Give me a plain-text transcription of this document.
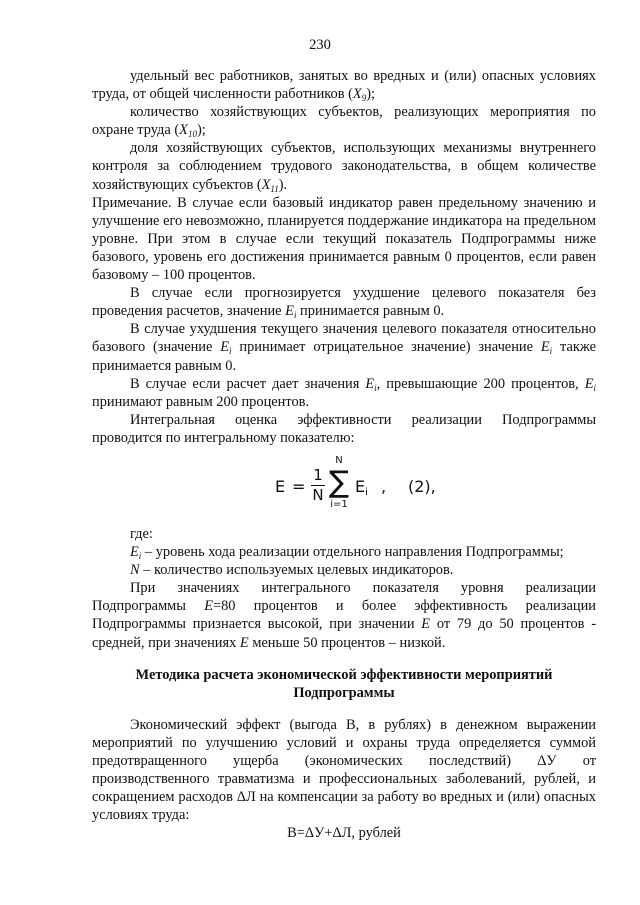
230

удельный вес работников, занятых во вредных и (или) опасных условиях труда, от общей численности работников $(X_9)$;

количество хозяйствующих субъектов, реализующих мероприятия по охране труда $(X_{10})$;

доля хозяйствующих субъектов, использующих механизмы внутреннего контроля за соблюдением трудового законодательства, в общем количестве хозяйствующих субъектов $(X_{11})$.

Примечание. В случае если базовый индикатор равен предельному значению и улучшение его невозможно, планируется поддержание индикатора на предельном уровне. При этом в случае если текущий показатель Подпрограммы ниже базового, уровень его достижения принимается равным 0 процентов, если равен базовому – 100 процентов.

В случае если прогнозируется ухудшение целевого показателя без проведения расчетов, значение $E_i$ принимается равным 0.

В случае ухудшения текущего значения целевого показателя относительно базового (значение $E_i$ принимает отрицательное значение) значение $E_i$ также принимается равным 0.

В случае если расчет дает значения $E_i$, превышающие 200 процентов, $E_i$ принимают равным 200 процентов.

Интегральная оценка эффективности реализации Подпрограммы проводится по интегральному показателю:

E =
1
N
N
∑
i=1
$E_i$ , (2),

где:

$E_i$ – уровень хода реализации отдельного направления Подпрограммы;

N – количество используемых целевых индикаторов.

При значениях интегрального показателя уровня реализации Подпрограммы E=80 процентов и более эффективность реализации Подпрограммы признается высокой, при значении E от 79 до 50 процентов - средней, при значениях E меньше 50 процентов – низкой.

Методика расчета экономической эффективности мероприятий
Подпрограммы

Экономический эффект (выгода В, в рублях) в денежном выражении мероприятий по улучшению условий и охраны труда определяется суммой предотвращенного ущерба (экономических последствий) ΔУ от производственного травматизма и профессиональных заболеваний, рублей, и сокращением расходов ΔЛ на компенсации за работу во вредных и (или) опасных условиях труда:

В=ΔУ+ΔЛ, рублей
